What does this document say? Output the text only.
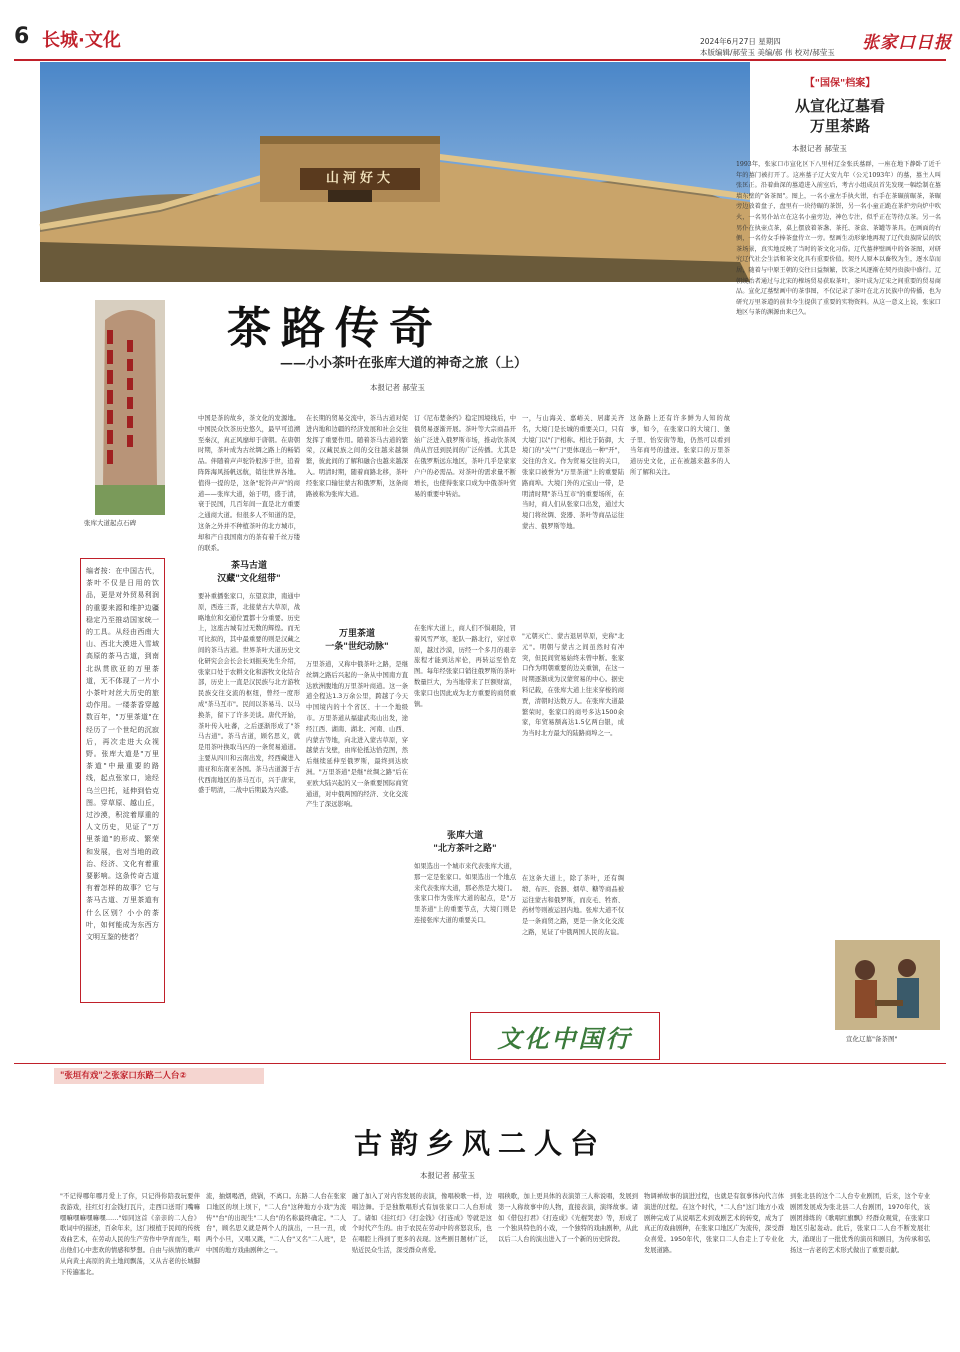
6 长城·文化	2024年6月27日 星期四
本版编辑/郝莹玉 美编/郝 伟 校对/郝莹玉 张家口日报
山河好大
茶路传奇
——小小茶叶在张库大道的神奇之旅（上）
本报记者 郝莹玉
张库大道起点石碑
编者按：在中国古代，茶叶不仅是日用的饮品，更是对外贸易利润的重要来源和维护边疆稳定乃至推动国家统一的工具。从经由西南大山、西北大漠进入雪域高原的茶马古道，到南北纵贯欧亚的万里茶道，无不体现了一片小小茶叶对丝大历史的旅动作用。一缕茶香穿越数百年，"万里茶道"在经历了一个世纪的沉寂后，再次走进大众视野。张库大道是"万里茶道"中最重要的路线，起点张家口，途经乌兰巴托，延伸到恰克图。穿草原、越山丘，过沙漠，积淀着厚重的人文历史，见证了"万里茶道"的形成、繁荣和发展，也对当地的政治、经济、文化有着重要影响。这条传奇古道有着怎样的故事？它与茶马古道、万里茶道有什么区别？小小的茶叶，如何能成为东西方文明互鉴的使者？
中国是茶的故乡，茶文化的发源地。中国民众饮茶历史悠久，最早可追溯至秦汉，真正风靡却于唐朝。在唐朝时期，茶叶成为古丝绸之路上的畅销品。伴随着声声驼铃般涉于世，追着阵阵海风扬帆远航，销往世界各地。值得一提的是，这条"驼铃声声"的商道——张库大道，始于明，盛于清，衰于民国，几百年间一直是北方重要之通商大道。但很多人不知道的是，这条之外并不种植茶叶的北方城市，却和产自我国南方的茶有着千丝万缕的联系。
茶马古道
汉藏"文化纽带"
要补重播张家口，东望京津，南通中原，西连三晋，北接蒙古大草原，战略地位和交通位置都十分重要。历史上，这座古城有过无数的辉煌。而无可比拟的，其中最重要的则是汉藏之间的茶马古道。世界茶叶大道历史文化研究会会长会长刘振英先生介绍，张家口处于农耕文化和游牧文化结合部，历史上一直是汉民族与北方游牧民族交往交流的枢纽，曾经一度形成"茶马互市"。民间以茶易马、以马换茶，留下了许多美谈。唐代开始，茶叶传入吐蕃，之后逐渐形成了"茶马古道"。茶马古道，顾名思义，就是用茶叶换取马匹的一条贸易通道。主要从四川和云南出发，经西藏进入南亚和东南亚各国。茶马古道源于古代西南地区的茶马互市，兴于唐宋，盛于明清，二战中后期最为兴盛。
在长期的贸易交流中，茶马古道对促进内地和边疆的经济发展和社会交往发挥了重要作用。随着茶马古道的繁荣，汉藏民族之间的交往越来越频繁，彼此间的了解和融合也越来越深入。明清时期，随着商路北移，茶叶经张家口输往蒙古和俄罗斯，这条商路被称为张库大道。
万里茶道
一条"世纪动脉"
万里茶道，又称中俄茶叶之路，是继丝绸之路后兴起的一条从中国南方直达欧洲腹地的万里茶叶商道。这一条道全程达1.3万余公里，跨越了今天中国境内的十个省区、十一个地级市。万里茶道从福建武夷山出发，途经江西、湖南、湖北、河南、山西、内蒙古等地，向北进入蒙古草原，穿越蒙古戈壁，由库伦抵达恰克图，然后继续延伸至俄罗斯，最终到达欧洲。"万里茶道"是继"丝绸之路"后在亚欧大陆兴起的又一条重要国际商贸通道，对中俄两国的经济、文化交流产生了深远影响。
订《尼布楚条约》稳定国境线后，中俄贸易逐渐开展。茶叶等大宗商品开始广泛进入俄罗斯市场，推动饮茶风尚从宫廷到民间的广泛传播。尤其是在俄罗斯远东地区，茶叶几乎是家家户户的必需品。对茶叶的需求量不断增长，也使得张家口成为中俄茶叶贸易的重要中转站。
在张库大道上，商人们不惧艰险，冒着风雪严寒，驼队一路北行，穿过草原，越过沙漠，历经一个多月的艰辛旅程才能到达库伦，再转运至恰克图。每年经张家口销往俄罗斯的茶叶数量巨大，为当地带来了巨额财富，张家口也因此成为北方重要的商贸重镇。
张库大道
"北方茶叶之路"
如果选出一个城市来代表张库大道，那一定是张家口。如果选出一个地点来代表张库大道，那必然是大境门。张家口作为张库大道的起点，是"万里茶道"上的重要节点，大境门则是连接张库大道的重要关口。
一，与山海关、嘉峪关、居庸关齐名，大境门是长城的重要关口，只有大境门以"门"相称。相比于防御，大境门的"关""门"更体现出一种"开"，交往的含义。作为贸易交往的关口，张家口被誉为"万里茶道"上的重要陆路商埠。大境门外的元宝山一带，是明清时期"茶马互市"的重要场所，在当时，商人们从张家口出发，通过大境门将丝绸、瓷器、茶叶等商品运往蒙古、俄罗斯等地。
"元朝灭亡、蒙古退居草原，史称"北元"。明朝与蒙古之间虽然时有冲突，但民间贸易始终未曾中断。张家口作为明朝重要的边关重镇，在这一时期逐渐成为汉蒙贸易的中心。据史料记载，在张库大道上往来穿梭的商贾，清朝时达数万人。在张库大道最繁荣时，张家口的商号多达1500余家，年贸易额高达1.5亿两白银，成为当时北方最大的陆路商埠之一。
在这条大道上，除了茶叶，还有绸缎、布匹、瓷器、烟草、糖等商品被运往蒙古和俄罗斯，而皮毛、牲畜、药材等则被运回内地。张库大道不仅是一条商贸之路，更是一条文化交流之路，见证了中俄两国人民的友谊。
这条路上还有许多鲜为人知的故事，如今，在张家口的大境门、堡子里、怡安街等地，仍然可以看到当年商号的遗迹。张家口的万里茶道历史文化，正在被越来越多的人所了解和关注。
文化中国行
【"国保"档案】
从宣化辽墓看
万里茶路
本报记者 郝莹玉
1993年，张家口市宣化区下八里村辽金张氏墓群，一座在地下静卧了近千年的墓门被打开了。这座墓子辽大安九年（公元1093年）的墓，墓主人叫张匡正。沿着曲深的墓道进入前室后，考古小组成员首先发现一幅绘制在墓墙东壁的"备茶图"。图上，一名小童左手执火钳，右手在茶碾前碾茶，茶碾旁边放着盘子，盘里有一块待碾的茶饼，另一名小童正跪在茶炉旁向炉中吹火，一名男仆站立在这名小童旁边，神色专注，似乎正在等待点茶。另一名男仆在执壶点茶，桌上摆放着茶盏、茶托、茶盒、茶罐等茶具。在画面的右侧，一名侍女手捧茶盘侍立一旁。壁画生动形象地再现了辽代贵族阶层的饮茶场景，真实地反映了当时的茶文化习俗。辽代墓葬壁画中的备茶图，对研究辽代社会生活和茶文化具有重要价值。契丹人原本以畜牧为生，逐水草而居，随着与中原王朝的交往日益频繁，饮茶之风逐渐在契丹贵族中盛行。辽朝统治者通过与北宋的榷场贸易获取茶叶，茶叶成为辽宋之间重要的贸易商品。宣化辽墓壁画中的茶事图，不仅记录了茶叶在北方民族中的传播，也为研究万里茶道的前世今生提供了重要的实物资料。从这一意义上说，张家口地区与茶的渊源由来已久。
宣化辽墓"备茶图"
"张垣有戏"之张家口东路二人台②
古韵乡风二人台
本报记者 郝莹玉
"不记得哪年哪月爱上了你，只记得你陪我玩要伴我游戏，挂红灯打金钱打瓦片，走西口送哥门嘴嘛嘿嘛嘿嘛嘿嘛嘿……"如同这首《亲亲的二人台》歌词中的描述，百余年来，这门根植于民间的传统戏曲艺术，在劳动人民的生产劳作中孕育而生，唱出他们心中悲欢的情感和梦想。自由与纵情的歌声从向黄土高原的黄土地间飘荡，又从古老的长城脚下传遍塞北。
流，抽烟喝酒，烧锅，不离口。东路二人台在张家口地区的坝上坝下，"二人台"这种地方小戏"为流传""台"的出现生"二人台"的名称最终确定。"二人台"，顾名思义就是两个人的演出，一旦一丑，或两个小旦，又唱又跳，"二人台"又名"二人班"，是中国的地方戏曲剧种之一。
融了加入了对内容发展的表演，像唱秧歌一样，边唱边舞。于是独数唱形式有加张家口二人台形成了。诸如《挂红灯》《打金钱》《打连成》等就是这个时代产生的。由于农民在劳动中的喜怒哀乐，也在唱腔上得到了更多的表现。这些剧目题材广泛，贴近民众生活，深受群众喜爱。
唱秧歌，加上更具体的表演第三人称说唱，发展到第一人称故事中的人物，直接表演，演绎故事。诸如《借包打君》《打连成》《光棍哭妻》等，形成了一个独具特色的小戏，一个独特的戏曲剧种，从此以后二人台的演出进入了一个新的历史阶段。
物调禅故事的演进过程，也就是有叙事体向代言体演进的过程。在这个时代，"二人台"这门地方小戏剧种完成了从说唱艺术到戏剧艺术的转变，成为了真正的戏曲剧种，在张家口地区广为流传，深受群众喜爱。1950年代，张家口二人台走上了专业化发展道路。
到张北县的这个二人台专业剧团，后来，这个专业剧团发展成为张北县二人台剧团，1970年代，该剧团排练的《歌唱红旗飘》经群众观赏，在张家口地区引起轰动。此后，张家口二人台不断发展壮大，涌现出了一批优秀的演员和剧目，为传承和弘扬这一古老的艺术形式做出了重要贡献。
